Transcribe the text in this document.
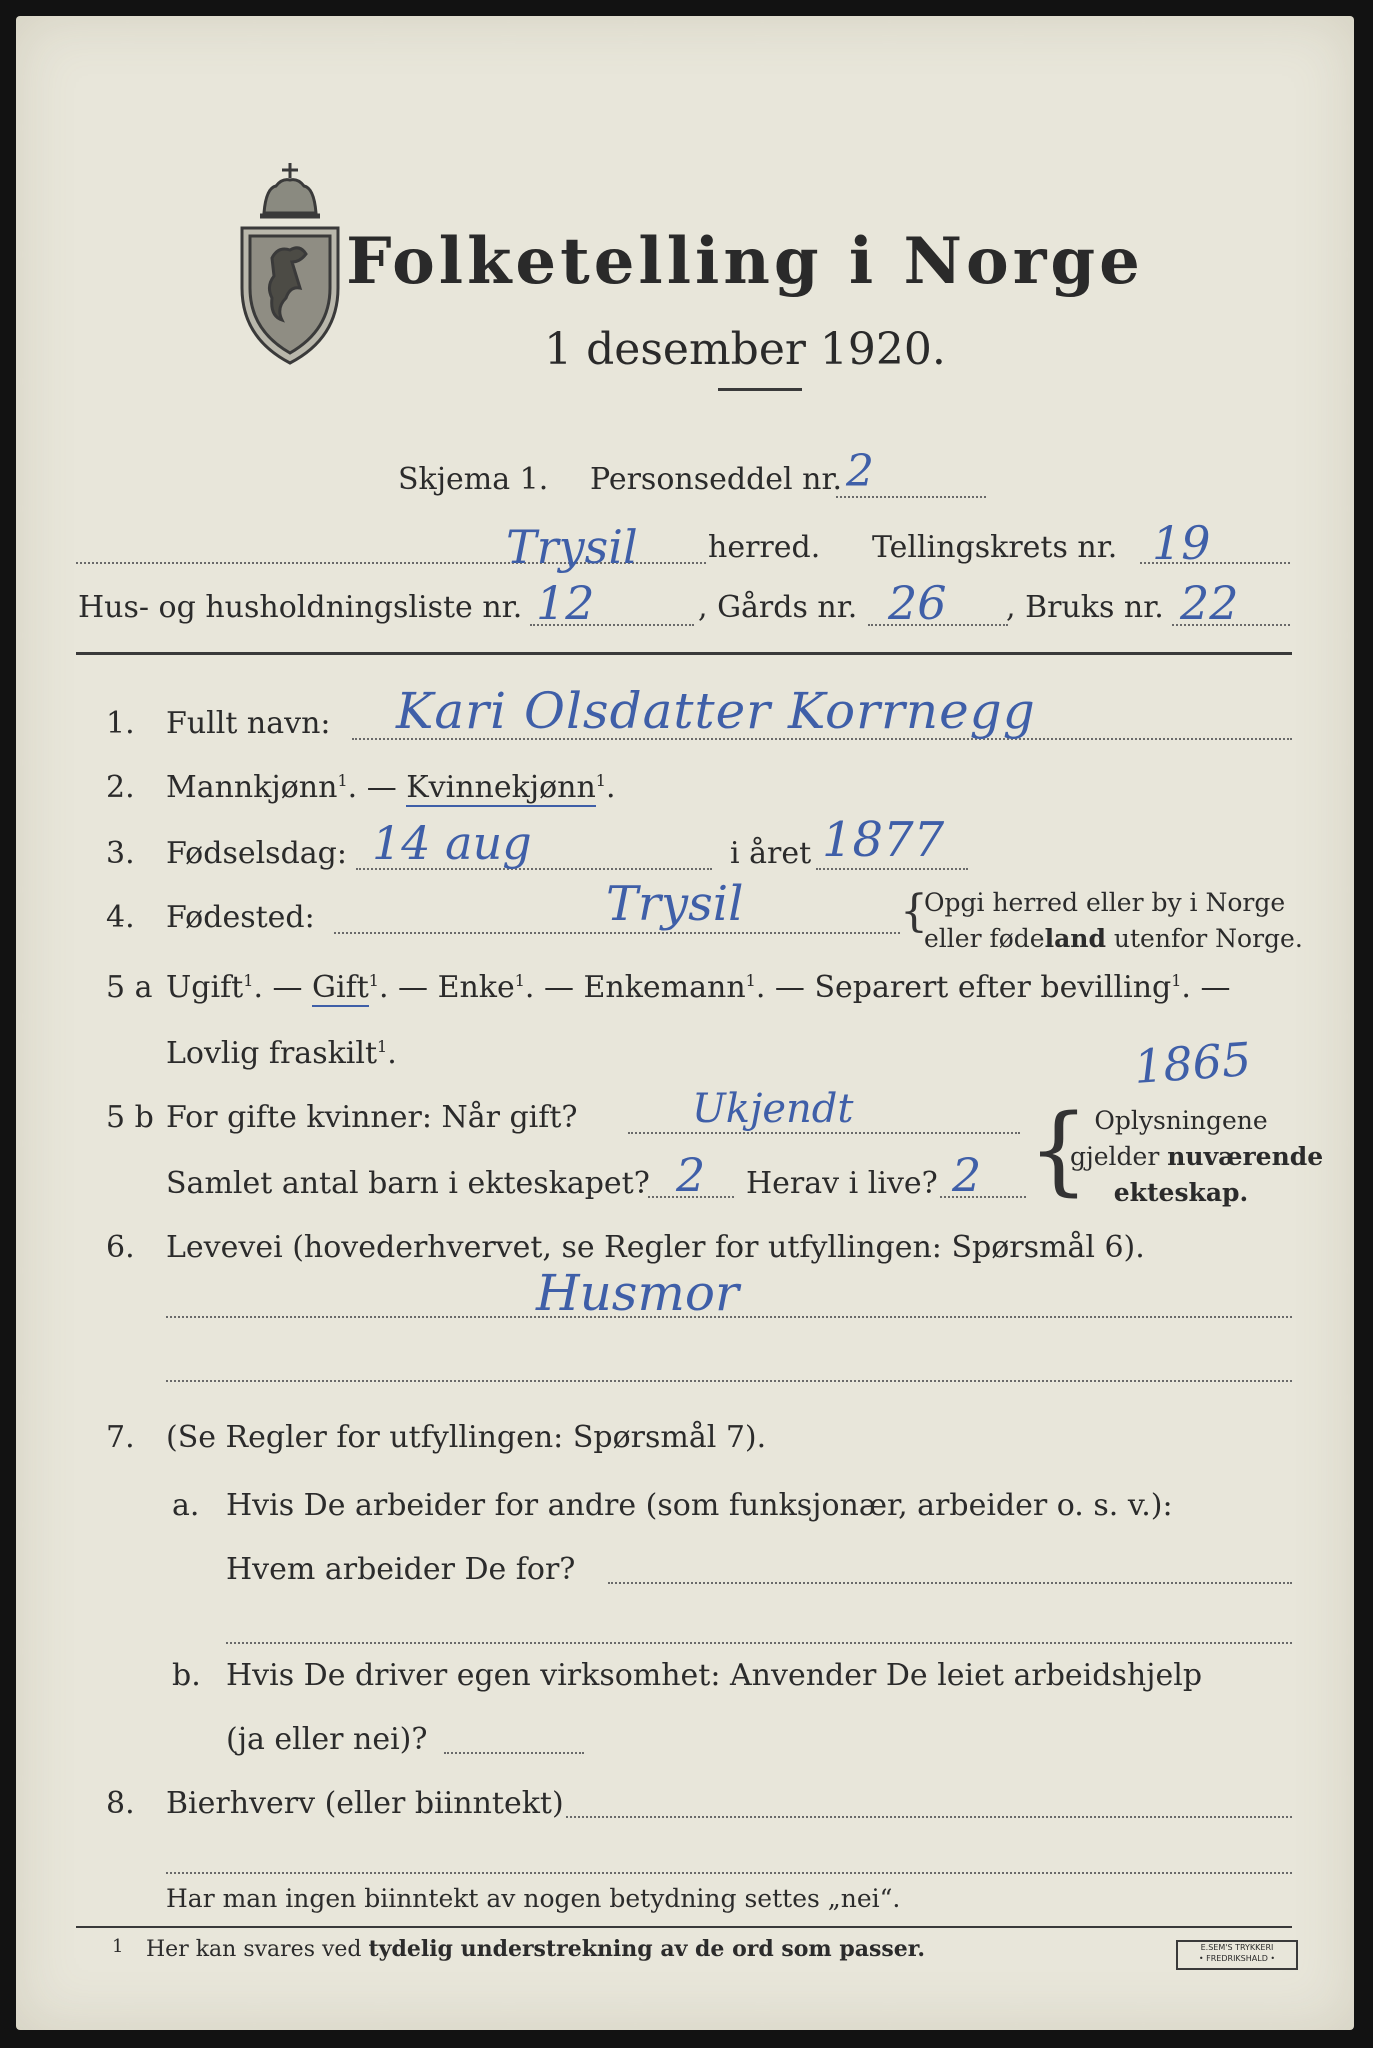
Folketelling i Norge
1 desember 1920.
Skjema 1. Personseddel nr. 2
Trysil herred. Tellingskrets nr. 19
Hus- og husholdningsliste nr. 12	, Gårds nr. 26 , Bruks nr. 22
1. Fullt navn: Kari Olsdatter Korrnegg
2. Mannkjønn$^1$. — Kvinnekjønn$^1$.
3. Fødselsdag: 14 aug	i året 1877
4. Fødested:	Trysil	{
Opgi herred eller by i Norge
eller fødeland utenfor Norge.
5 a Ugift$^1$. — Gift$^1$. — Enke$^1$. — Enkemann$^1$. — Separert efter bevilling$^1$. —
Lovlig fraskilt$^1$.	1865
5 b For gifte kvinner: Når gift?	Ukjendt
Samlet antal barn i ekteskapet? 2 Herav i live? 2 { Oplysningene
gjelder nuværende
ekteskap.
6. Levevei (hovederhvervet, se Regler for utfyllingen: Spørsmål 6).
Husmor
7. (Se Regler for utfyllingen: Spørsmål 7).
a. Hvis De arbeider for andre (som funksjonær, arbeider o. s. v.):
Hvem arbeider De for?
b. Hvis De driver egen virksomhet: Anvender De leiet arbeidshjelp
(ja eller nei)?
8. Bierhverv (eller biinntekt)
Har man ingen biinntekt av nogen betydning settes „nei“.
1 Her kan svares ved tydelig understrekning av de ord som passer.	E.SEM'S TRYKKERI
• FREDRIKSHALD •
